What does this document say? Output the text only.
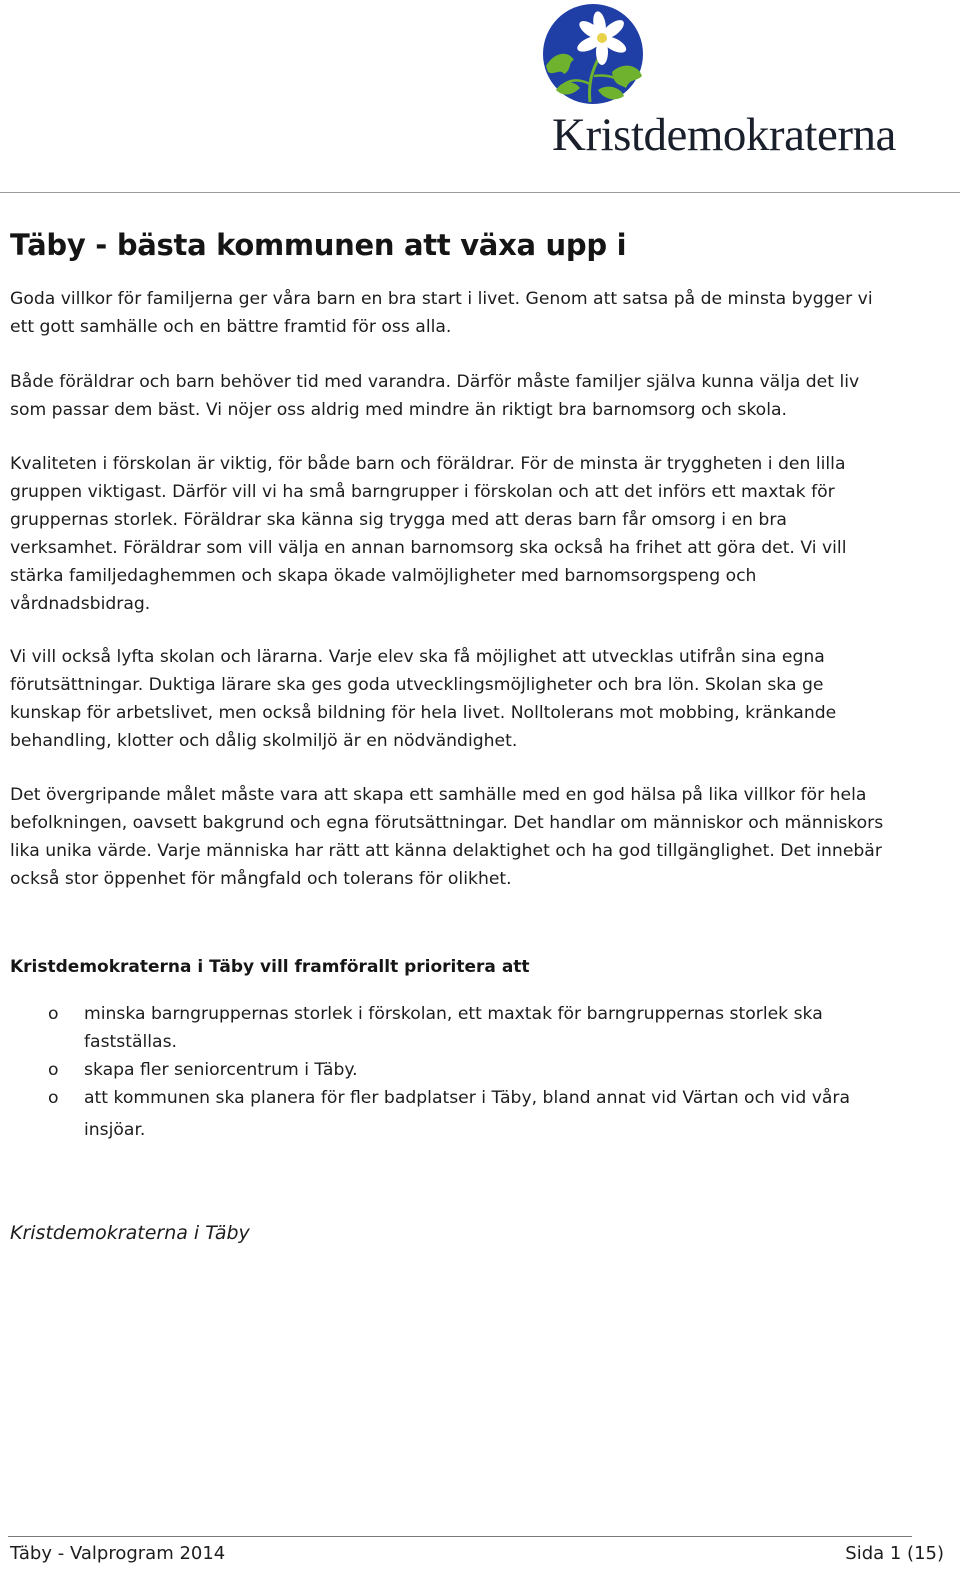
Kristdemokraterna
Täby - bästa kommunen att växa upp i

Goda villkor för familjerna ger våra barn en bra start i livet. Genom att satsa på de minsta bygger vi
ett gott samhälle och en bättre framtid för oss alla.

Både föräldrar och barn behöver tid med varandra. Därför måste familjer själva kunna välja det liv
som passar dem bäst. Vi nöjer oss aldrig med mindre än riktigt bra barnomsorg och skola.

Kvaliteten i förskolan är viktig, för både barn och föräldrar. För de minsta är tryggheten i den lilla
gruppen viktigast. Därför vill vi ha små barngrupper i förskolan och att det införs ett maxtak för
gruppernas storlek. Föräldrar ska känna sig trygga med att deras barn får omsorg i en bra
verksamhet. Föräldrar som vill välja en annan barnomsorg ska också ha frihet att göra det. Vi vill
stärka familjedaghemmen och skapa ökade valmöjligheter med barnomsorgspeng och
vårdnadsbidrag.

Vi vill också lyfta skolan och lärarna. Varje elev ska få möjlighet att utvecklas utifrån sina egna
förutsättningar. Duktiga lärare ska ges goda utvecklingsmöjligheter och bra lön. Skolan ska ge
kunskap för arbetslivet, men också bildning för hela livet. Nolltolerans mot mobbing, kränkande
behandling, klotter och dålig skolmiljö är en nödvändighet.

Det övergripande målet måste vara att skapa ett samhälle med en god hälsa på lika villkor för hela
befolkningen, oavsett bakgrund och egna förutsättningar. Det handlar om människor och människors
lika unika värde. Varje människa har rätt att känna delaktighet och ha god tillgänglighet. Det innebär
också stor öppenhet för mångfald och tolerans för olikhet.

Kristdemokraterna i Täby vill framförallt prioritera att
o minska barngruppernas storlek i förskolan, ett maxtak för barngruppernas storlek ska
fastställas.
o skapa fler seniorcentrum i Täby.
o att kommunen ska planera för fler badplatser i Täby, bland annat vid Värtan och vid våra
insjöar.
Kristdemokraterna i Täby
Täby - Valprogram 2014	Sida 1 (15)
